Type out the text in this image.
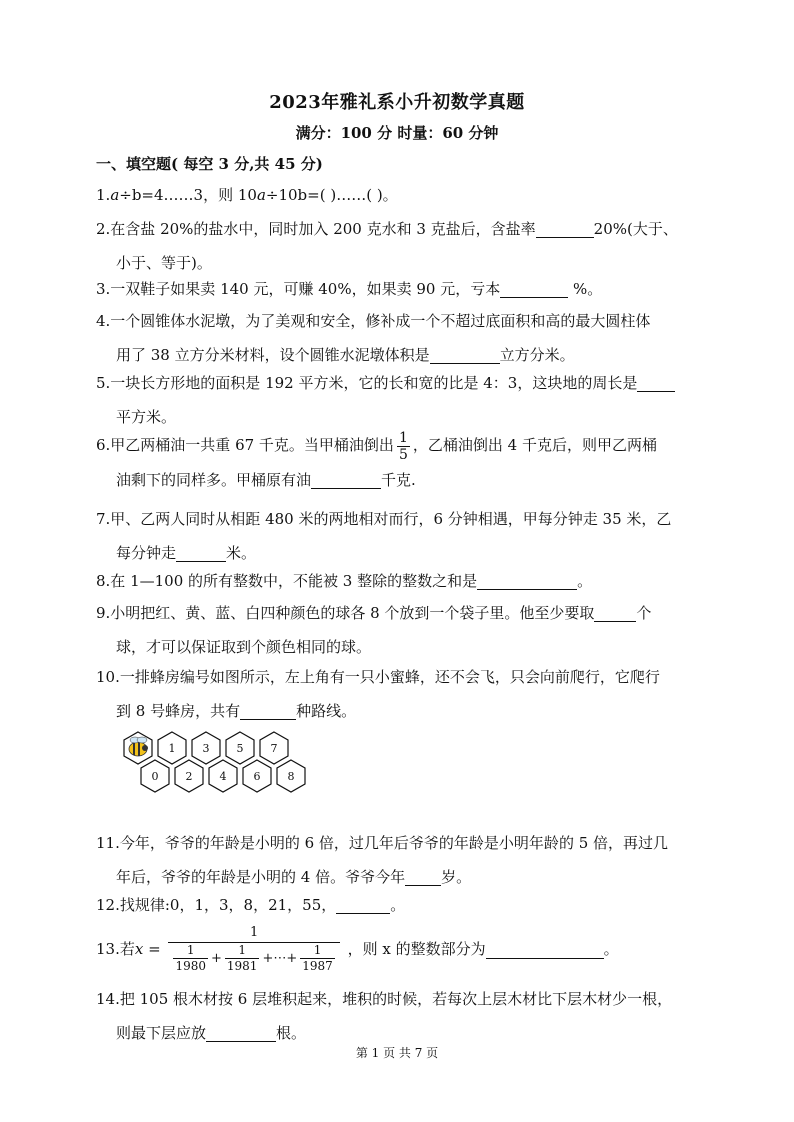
2023年雅礼系小升初数学真题
满分：100 分 时量：60 分钟
一、填空题( 每空 3 分,共 45 分)
1.a÷b=4……3，则 10a÷10b=( )……( )。
2.在含盐 20%的盐水中，同时加入 200 克水和 3 克盐后，含盐率	20%(大于、
小于、等于)。
3.一双鞋子如果卖 140 元，可赚 40%，如果卖 90 元，亏本	%。
4.一个圆锥体水泥墩，为了美观和安全，修补成一个不超过底面积和高的最大圆柱体
用了 38 立方分米材料，设个圆锥水泥墩体积是	立方分米。
5.一块长方形地的面积是 192 平方米，它的长和宽的比是 4：3，这块地的周长是
平方米。
6.甲乙两桶油一共重 67 千克。当甲桶油倒出 $\frac{1}{5}$ ，乙桶油倒出 4 千克后，则甲乙两桶
油剩下的同样多。甲桶原有油	千克.
7.甲、乙两人同时从相距 480 米的两地相对而行，6 分钟相遇，甲每分钟走 35 米，乙
每分钟走	米。
8.在 1—100 的所有整数中，不能被 3 整除的整数之和是	。
9.小明把红、黄、蓝、白四种颜色的球各 8 个放到一个袋子里。他至少要取	个
球，才可以保证取到个颜色相同的球。
10.一排蜂房编号如图所示，左上角有一只小蜜蜂，还不会飞，只会向前爬行，它爬行
到 8 号蜂房，共有	种路线。
1 3 5 7
0 2 4 6 8
11.今年，爷爷的年龄是小明的 6 倍，过几年后爷爷的年龄是小明年龄的 5 倍，再过几
年后，爷爷的年龄是小明的 4 倍。爷爷今年 岁。
12.找规律:0，1，3，8，21，55，	。
13.若$x = \frac{1}{\frac{1}{1980} + \frac{1}{1981} +\cdots+ \frac{1}{1987}}$ ，则 x 的整数部分为	。
14.把 105 根木材按 6 层堆积起来，堆积的时候，若每次上层木材比下层木材少一根，
则最下层应放	根。
第 1 页 共 7 页
